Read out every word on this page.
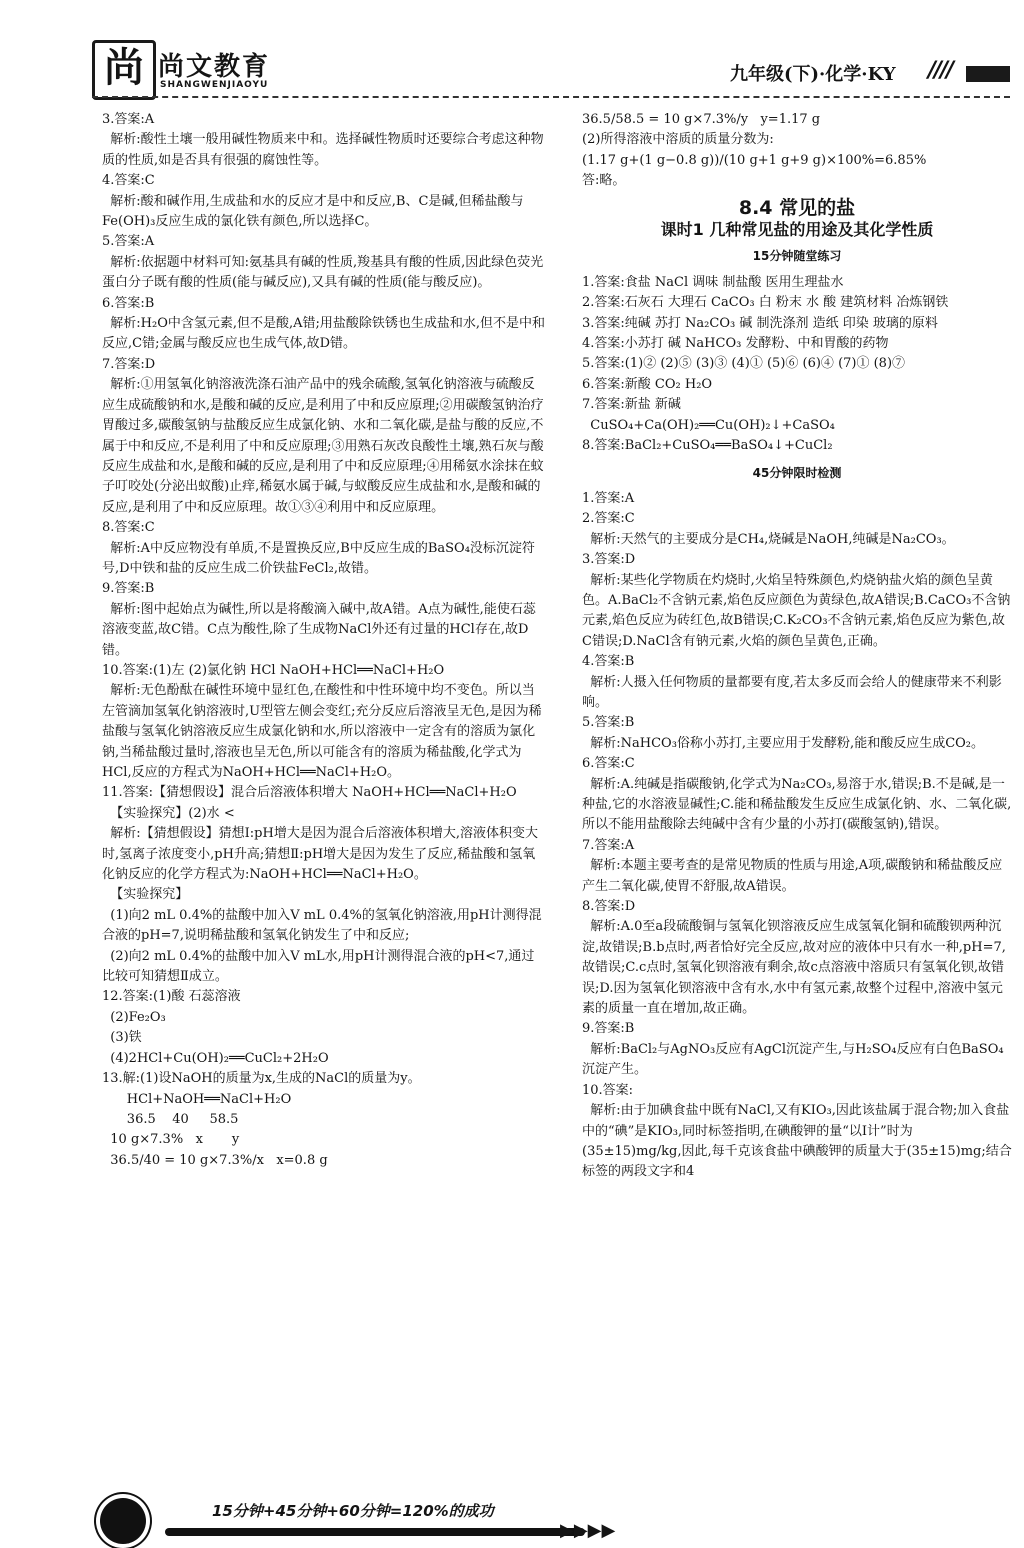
尚 尚文教育
SHANGWENJIAOYU	九年级(下)·化学·KY ////

3.答案:A

解析:酸性土壤一般用碱性物质来中和。选择碱性物质时还要综合考虑这种物质的性质,如是否具有很强的腐蚀性等。

4.答案:C

解析:酸和碱作用,生成盐和水的反应才是中和反应,B、C是碱,但稀盐酸与Fe(OH)₃反应生成的氯化铁有颜色,所以选择C。

5.答案:A

解析:依据题中材料可知:氨基具有碱的性质,羧基具有酸的性质,因此绿色荧光蛋白分子既有酸的性质(能与碱反应),又具有碱的性质(能与酸反应)。

6.答案:B

解析:H₂O中含氢元素,但不是酸,A错;用盐酸除铁锈也生成盐和水,但不是中和反应,C错;金属与酸反应也生成气体,故D错。

7.答案:D

解析:①用氢氧化钠溶液洗涤石油产品中的残余硫酸,氢氧化钠溶液与硫酸反应生成硫酸钠和水,是酸和碱的反应,是利用了中和反应原理;②用碳酸氢钠治疗胃酸过多,碳酸氢钠与盐酸反应生成氯化钠、水和二氧化碳,是盐与酸的反应,不属于中和反应,不是利用了中和反应原理;③用熟石灰改良酸性土壤,熟石灰与酸反应生成盐和水,是酸和碱的反应,是利用了中和反应原理;④用稀氨水涂抹在蚊子叮咬处(分泌出蚁酸)止痒,稀氨水属于碱,与蚁酸反应生成盐和水,是酸和碱的反应,是利用了中和反应原理。故①③④利用中和反应原理。

8.答案:C

解析:A中反应物没有单质,不是置换反应,B中反应生成的BaSO₄没标沉淀符号,D中铁和盐的反应生成二价铁盐FeCl₂,故错。

9.答案:B

解析:图中起始点为碱性,所以是将酸滴入碱中,故A错。A点为碱性,能使石蕊溶液变蓝,故C错。C点为酸性,除了生成物NaCl外还有过量的HCl存在,故D错。

10.答案:(1)左 (2)氯化钠 HCl NaOH+HCl══NaCl+H₂O

解析:无色酚酞在碱性环境中显红色,在酸性和中性环境中均不变色。所以当左管滴加氢氧化钠溶液时,U型管左侧会变红;充分反应后溶液呈无色,是因为稀盐酸与氢氧化钠溶液反应生成氯化钠和水,所以溶液中一定含有的溶质为氯化钠,当稀盐酸过量时,溶液也呈无色,所以可能含有的溶质为稀盐酸,化学式为HCl,反应的方程式为NaOH+HCl══NaCl+H₂O。

11.答案:【猜想假设】混合后溶液体积增大 NaOH+HCl══NaCl+H₂O

【实验探究】(2)水 <

解析:【猜想假设】猜想Ⅰ:pH增大是因为混合后溶液体积增大,溶液体积变大时,氢离子浓度变小,pH升高;猜想Ⅱ:pH增大是因为发生了反应,稀盐酸和氢氧化钠反应的化学方程式为:NaOH+HCl══NaCl+H₂O。

【实验探究】

(1)向2 mL 0.4%的盐酸中加入V mL 0.4%的氢氧化钠溶液,用pH计测得混合液的pH=7,说明稀盐酸和氢氧化钠发生了中和反应;

(2)向2 mL 0.4%的盐酸中加入V mL水,用pH计测得混合液的pH<7,通过比较可知猜想Ⅱ成立。

12.答案:(1)酸 石蕊溶液

(2)Fe₂O₃

(3)铁

(4)2HCl+Cu(OH)₂══CuCl₂+2H₂O

13.解:(1)设NaOH的质量为x,生成的NaCl的质量为y。

HCl+NaOH══NaCl+H₂O

36.5    40     58.5

10 g×7.3%   x       y

36.5/40 = 10 g×7.3%/x   x=0.8 g

36.5/58.5 = 10 g×7.3%/y   y=1.17 g

(2)所得溶液中溶质的质量分数为:

(1.17 g+(1 g−0.8 g))/(10 g+1 g+9 g)×100%=6.85%

答:略。

8.4 常见的盐
课时1 几种常见盐的用途及其化学性质
15分钟随堂练习

1.答案:食盐 NaCl 调味 制盐酸 医用生理盐水

2.答案:石灰石 大理石 CaCO₃ 白 粉末 水 酸 建筑材料 冶炼钢铁

3.答案:纯碱 苏打 Na₂CO₃ 碱 制洗涤剂 造纸 印染 玻璃的原料

4.答案:小苏打 碱 NaHCO₃ 发酵粉、中和胃酸的药物

5.答案:(1)② (2)⑤ (3)③ (4)① (5)⑥ (6)④ (7)① (8)⑦

6.答案:新酸 CO₂ H₂O

7.答案:新盐 新碱

CuSO₄+Ca(OH)₂══Cu(OH)₂↓+CaSO₄

8.答案:BaCl₂+CuSO₄══BaSO₄↓+CuCl₂

45分钟限时检测

1.答案:A

2.答案:C

解析:天然气的主要成分是CH₄,烧碱是NaOH,纯碱是Na₂CO₃。

3.答案:D

解析:某些化学物质在灼烧时,火焰呈特殊颜色,灼烧钠盐火焰的颜色呈黄色。A.BaCl₂不含钠元素,焰色反应颜色为黄绿色,故A错误;B.CaCO₃不含钠元素,焰色反应为砖红色,故B错误;C.K₂CO₃不含钠元素,焰色反应为紫色,故C错误;D.NaCl含有钠元素,火焰的颜色呈黄色,正确。

4.答案:B

解析:人摄入任何物质的量都要有度,若太多反而会给人的健康带来不利影响。

5.答案:B

解析:NaHCO₃俗称小苏打,主要应用于发酵粉,能和酸反应生成CO₂。

6.答案:C

解析:A.纯碱是指碳酸钠,化学式为Na₂CO₃,易溶于水,错误;B.不是碱,是一种盐,它的水溶液显碱性;C.能和稀盐酸发生反应生成氯化钠、水、二氧化碳,所以不能用盐酸除去纯碱中含有少量的小苏打(碳酸氢钠),错误。

7.答案:A

解析:本题主要考查的是常见物质的性质与用途,A项,碳酸钠和稀盐酸反应产生二氧化碳,使胃不舒服,故A错误。

8.答案:D

解析:A.0至a段硫酸铜与氢氧化钡溶液反应生成氢氧化铜和硫酸钡两种沉淀,故错误;B.b点时,两者恰好完全反应,故对应的液体中只有水一种,pH=7,故错误;C.c点时,氢氧化钡溶液有剩余,故c点溶液中溶质只有氢氧化钡,故错误;D.因为氢氧化钡溶液中含有水,水中有氢元素,故整个过程中,溶液中氢元素的质量一直在增加,故正确。

9.答案:B

解析:BaCl₂与AgNO₃反应有AgCl沉淀产生,与H₂SO₄反应有白色BaSO₄沉淀产生。

10.答案:

解析:由于加碘食盐中既有NaCl,又有KIO₃,因此该盐属于混合物;加入食盐中的“碘”是KIO₃,同时标签指明,在碘酸钾的量“以I计”时为(35±15)mg/kg,因此,每千克该食盐中碘酸钾的质量大于(35±15)mg;结合标签的两段文字和4

15分钟+45分钟+60分钟=120%的成功
▶▶▶▶
